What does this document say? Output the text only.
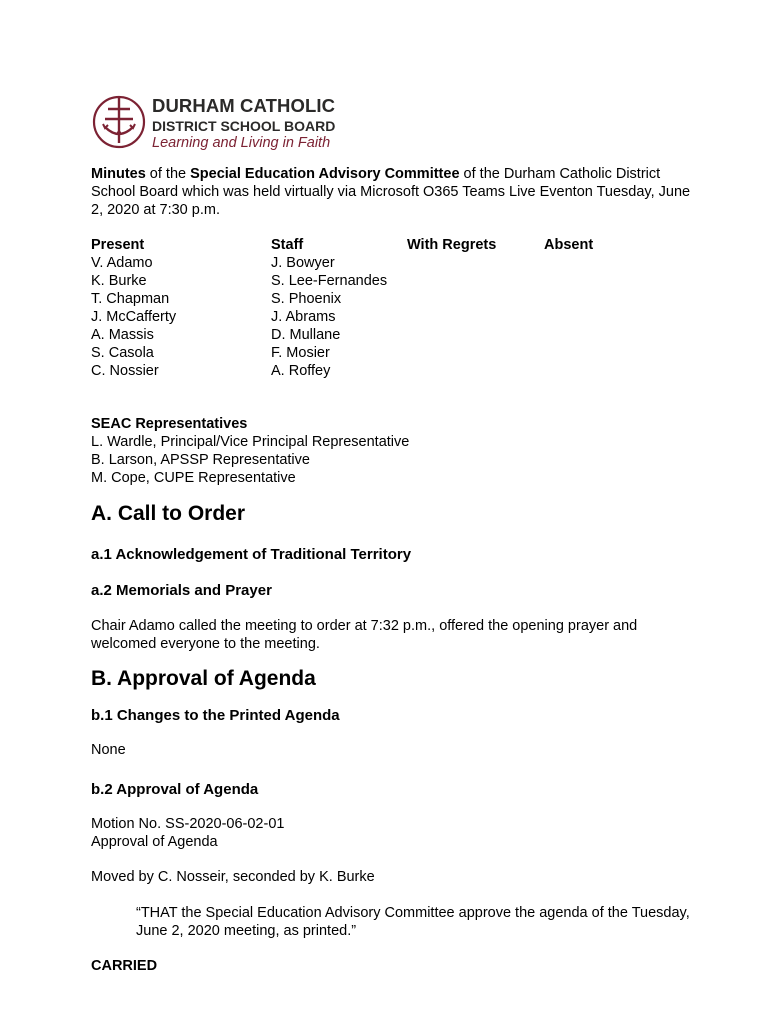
DURHAM CATHOLIC
DISTRICT SCHOOL BOARD
Learning and Living in Faith
Minutes of the Special Education Advisory Committee of the Durham Catholic District School Board which was held virtually via Microsoft O365 Teams Live Eventon Tuesday, June 2, 2020 at 7:30 p.m.
Present
V. Adamo
K. Burke
T. Chapman
J. McCafferty
A. Massis
S. Casola
C. Nossier
Staff
J. Bowyer
S. Lee-Fernandes
S. Phoenix
J. Abrams
D. Mullane
F. Mosier
A. Roffey
With Regrets	Absent
SEAC Representatives
L. Wardle, Principal/Vice Principal Representative
B. Larson, APSSP Representative
M. Cope, CUPE Representative
A. Call to Order
a.1 Acknowledgement of Traditional Territory
a.2 Memorials and Prayer
Chair Adamo called the meeting to order at 7:32 p.m., offered the opening prayer and welcomed everyone to the meeting.
B. Approval of Agenda
b.1 Changes to the Printed Agenda
None
b.2 Approval of Agenda
Motion No. SS-2020-06-02-01
Approval of Agenda
Moved by C. Nosseir, seconded by K. Burke
“THAT the Special Education Advisory Committee approve the agenda of the Tuesday, June 2, 2020 meeting, as printed.”
CARRIED
